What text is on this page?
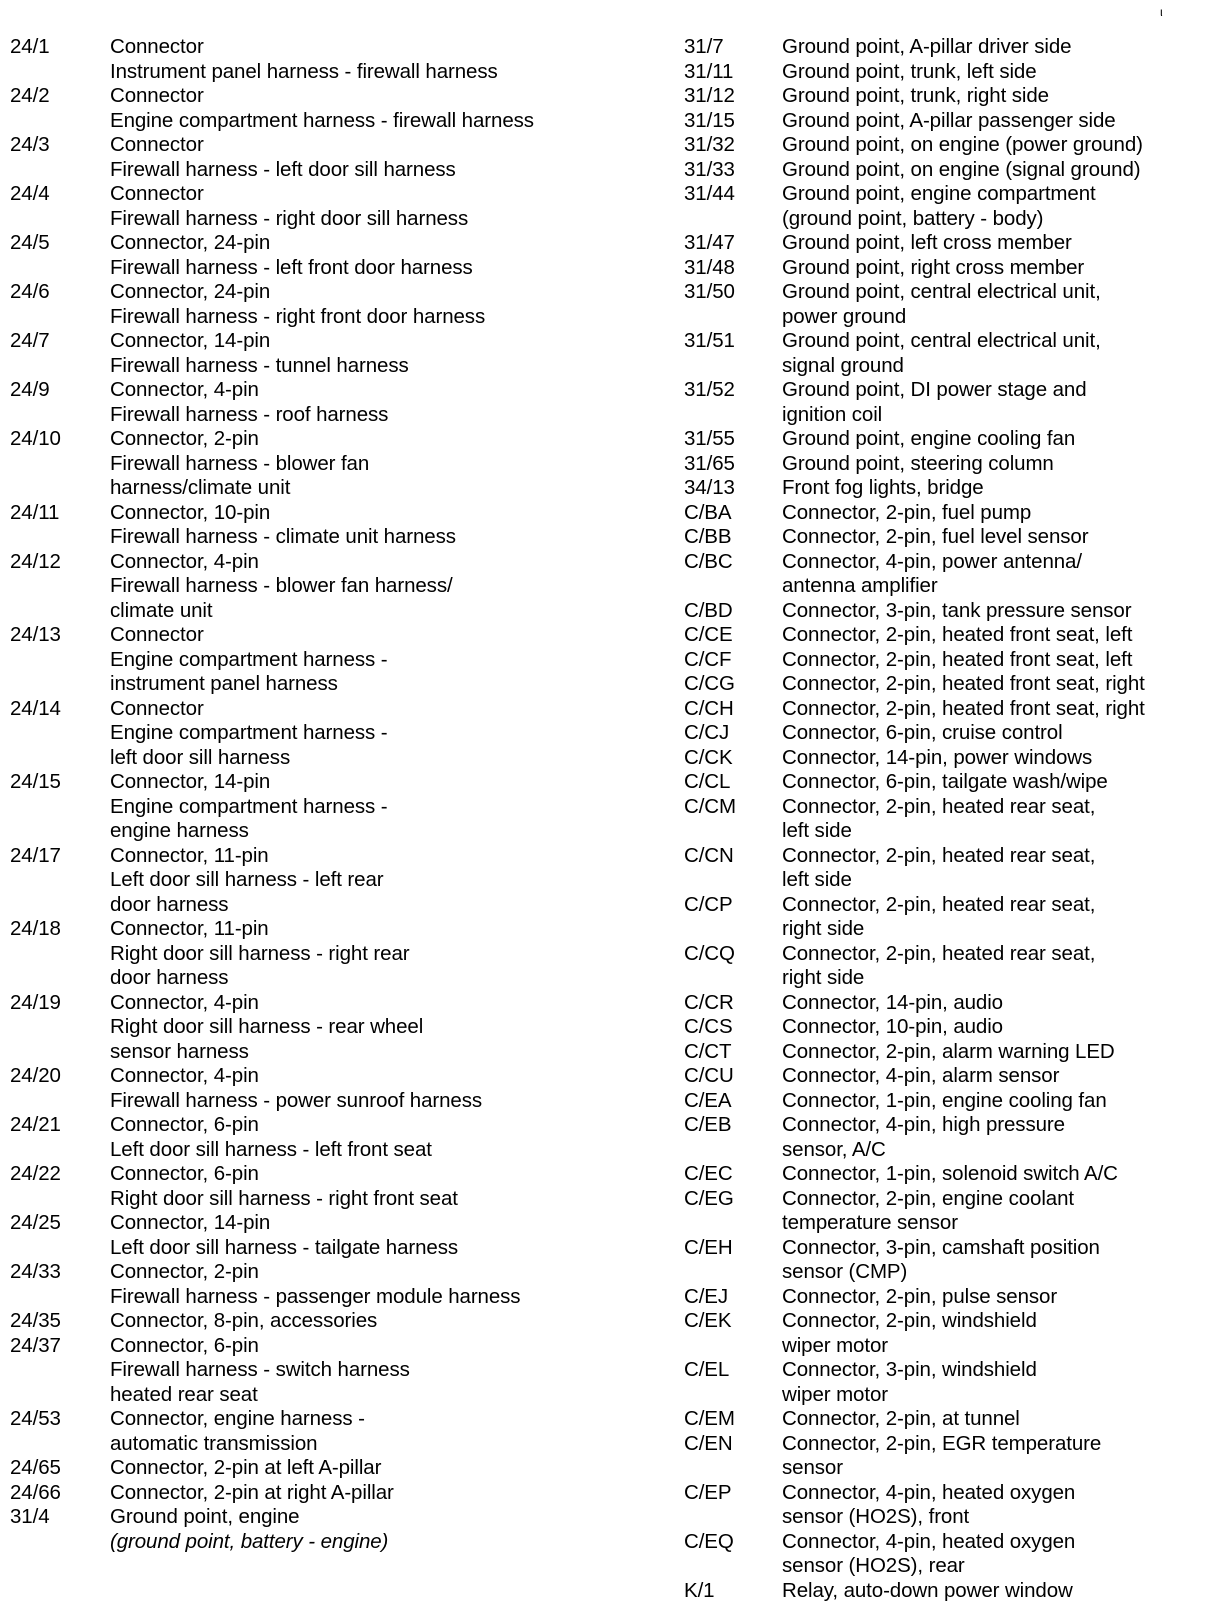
ι
24/1	Connector
Instrument panel harness - firewall harness
24/2	Connector
Engine compartment harness - firewall harness
24/3	Connector
Firewall harness - left door sill harness
24/4	Connector
Firewall harness - right door sill harness
24/5	Connector, 24-pin
Firewall harness - left front door harness
24/6	Connector, 24-pin
Firewall harness - right front door harness
24/7	Connector, 14-pin
Firewall harness - tunnel harness
24/9	Connector, 4-pin
Firewall harness - roof harness
24/10	Connector, 2-pin
Firewall harness - blower fan
harness/climate unit
24/11	Connector, 10-pin
Firewall harness - climate unit harness
24/12	Connector, 4-pin
Firewall harness - blower fan harness/
climate unit
24/13	Connector
Engine compartment harness -
instrument panel harness
24/14	Connector
Engine compartment harness -
left door sill harness
24/15	Connector, 14-pin
Engine compartment harness -
engine harness
24/17	Connector, 11-pin
Left door sill harness - left rear
door harness
24/18	Connector, 11-pin
Right door sill harness - right rear
door harness
24/19	Connector, 4-pin
Right door sill harness - rear wheel
sensor harness
24/20	Connector, 4-pin
Firewall harness - power sunroof harness
24/21	Connector, 6-pin
Left door sill harness - left front seat
24/22	Connector, 6-pin
Right door sill harness - right front seat
24/25	Connector, 14-pin
Left door sill harness - tailgate harness
24/33	Connector, 2-pin
Firewall harness - passenger module harness
24/35	Connector, 8-pin, accessories
24/37	Connector, 6-pin
Firewall harness - switch harness
heated rear seat
24/53	Connector, engine harness -
automatic transmission
24/65	Connector, 2-pin at left A-pillar
24/66	Connector, 2-pin at right A-pillar
31/4	Ground point, engine
(ground point, battery - engine)
31/7	Ground point, A-pillar driver side
31/11	Ground point, trunk, left side
31/12	Ground point, trunk, right side
31/15	Ground point, A-pillar passenger side
31/32	Ground point, on engine (power ground)
31/33	Ground point, on engine (signal ground)
31/44	Ground point, engine compartment
(ground point, battery - body)
31/47	Ground point, left cross member
31/48	Ground point, right cross member
31/50	Ground point, central electrical unit,
power ground
31/51	Ground point, central electrical unit,
signal ground
31/52	Ground point, DI power stage and
ignition coil
31/55	Ground point, engine cooling fan
31/65	Ground point, steering column
34/13	Front fog lights, bridge
C/BA	Connector, 2-pin, fuel pump
C/BB	Connector, 2-pin, fuel level sensor
C/BC	Connector, 4-pin, power antenna/
antenna amplifier
C/BD	Connector, 3-pin, tank pressure sensor
C/CE	Connector, 2-pin, heated front seat, left
C/CF	Connector, 2-pin, heated front seat, left
C/CG	Connector, 2-pin, heated front seat, right
C/CH	Connector, 2-pin, heated front seat, right
C/CJ	Connector, 6-pin, cruise control
C/CK	Connector, 14-pin, power windows
C/CL	Connector, 6-pin, tailgate wash/wipe
C/CM	Connector, 2-pin, heated rear seat,
left side
C/CN	Connector, 2-pin, heated rear seat,
left side
C/CP	Connector, 2-pin, heated rear seat,
right side
C/CQ	Connector, 2-pin, heated rear seat,
right side
C/CR	Connector, 14-pin, audio
C/CS	Connector, 10-pin, audio
C/CT	Connector, 2-pin, alarm warning LED
C/CU	Connector, 4-pin, alarm sensor
C/EA	Connector, 1-pin, engine cooling fan
C/EB	Connector, 4-pin, high pressure
sensor, A/C
C/EC	Connector, 1-pin, solenoid switch A/C
C/EG	Connector, 2-pin, engine coolant
temperature sensor
C/EH	Connector, 3-pin, camshaft position
sensor (CMP)
C/EJ	Connector, 2-pin, pulse sensor
C/EK	Connector, 2-pin, windshield
wiper motor
C/EL	Connector, 3-pin, windshield
wiper motor
C/EM	Connector, 2-pin, at tunnel
C/EN	Connector, 2-pin, EGR temperature
sensor
C/EP	Connector, 4-pin, heated oxygen
sensor (HO2S), front
C/EQ	Connector, 4-pin, heated oxygen
sensor (HO2S), rear
K/1	Relay, auto-down power window
